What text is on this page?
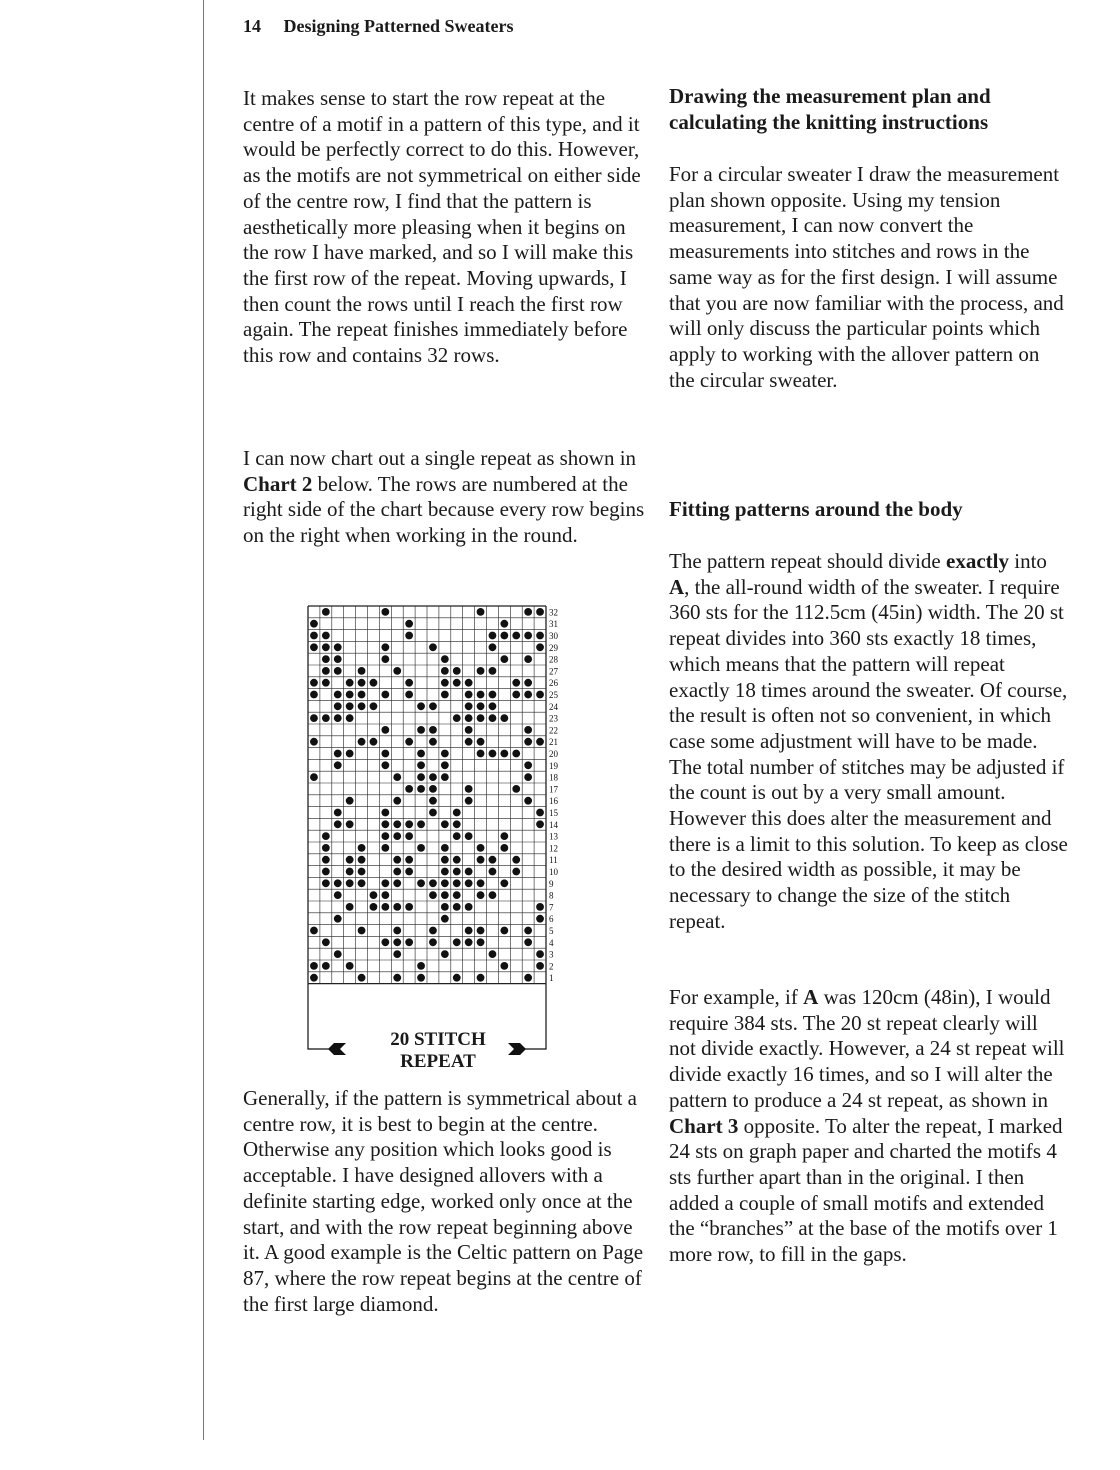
14 Designing Patterned Sweaters

It makes sense to start the row repeat at the centre of a motif in a pattern of this type, and it would be perfectly correct to do this. However, as the motifs are not symmetrical on either side of the centre row, I find that the pattern is aesthetically more pleasing when it begins on the row I have marked, and so I will make this the first row of the repeat. Moving upwards, I then count the rows until I reach the first row again. The repeat finishes immediately before this row and contains 32 rows.

I can now chart out a single repeat as shown in Chart 2 below. The rows are numbered at the right side of the chart because every row begins on the right when working in the round.

32
31
30
29
28
27
26
25
24
23
22
21
20
19
18
17
16
15
14
13
12
11
10
9
8
7
6
5
4
3
2
1
20 STITCH
REPEAT

Generally, if the pattern is symmetrical about a centre row, it is best to begin at the centre. Otherwise any position which looks good is acceptable. I have designed allovers with a definite starting edge, worked only once at the start, and with the row repeat beginning above it. A good example is the Celtic pattern on Page 87, where the row repeat begins at the centre of the first large diamond.

Drawing the measurement plan and
calculating the knitting instructions

For a circular sweater I draw the measurement plan shown opposite. Using my tension measurement, I can now convert the measurements into stitches and rows in the same way as for the first design. I will assume that you are now familiar with the process, and will only discuss the particular points which apply to working with the allover pattern on the circular sweater.

Fitting patterns around the body

The pattern repeat should divide exactly into A, the all-round width of the sweater. I require 360 sts for the 112.5cm (45in) width. The 20 st repeat divides into 360 sts exactly 18 times, which means that the pattern will repeat exactly 18 times around the sweater. Of course, the result is often not so convenient, in which case some adjustment will have to be made. The total number of stitches may be adjusted if the count is out by a very small amount. However this does alter the measurement and there is a limit to this solution. To keep as close to the desired width as possible, it may be necessary to change the size of the stitch repeat.

For example, if A was 120cm (48in), I would require 384 sts. The 20 st repeat clearly will not divide exactly. However, a 24 st repeat will divide exactly 16 times, and so I will alter the pattern to produce a 24 st repeat, as shown in Chart 3 opposite. To alter the repeat, I marked 24 sts on graph paper and charted the motifs 4 sts further apart than in the original. I then added a couple of small motifs and extended the “branches” at the base of the motifs over 1 more row, to fill in the gaps.
